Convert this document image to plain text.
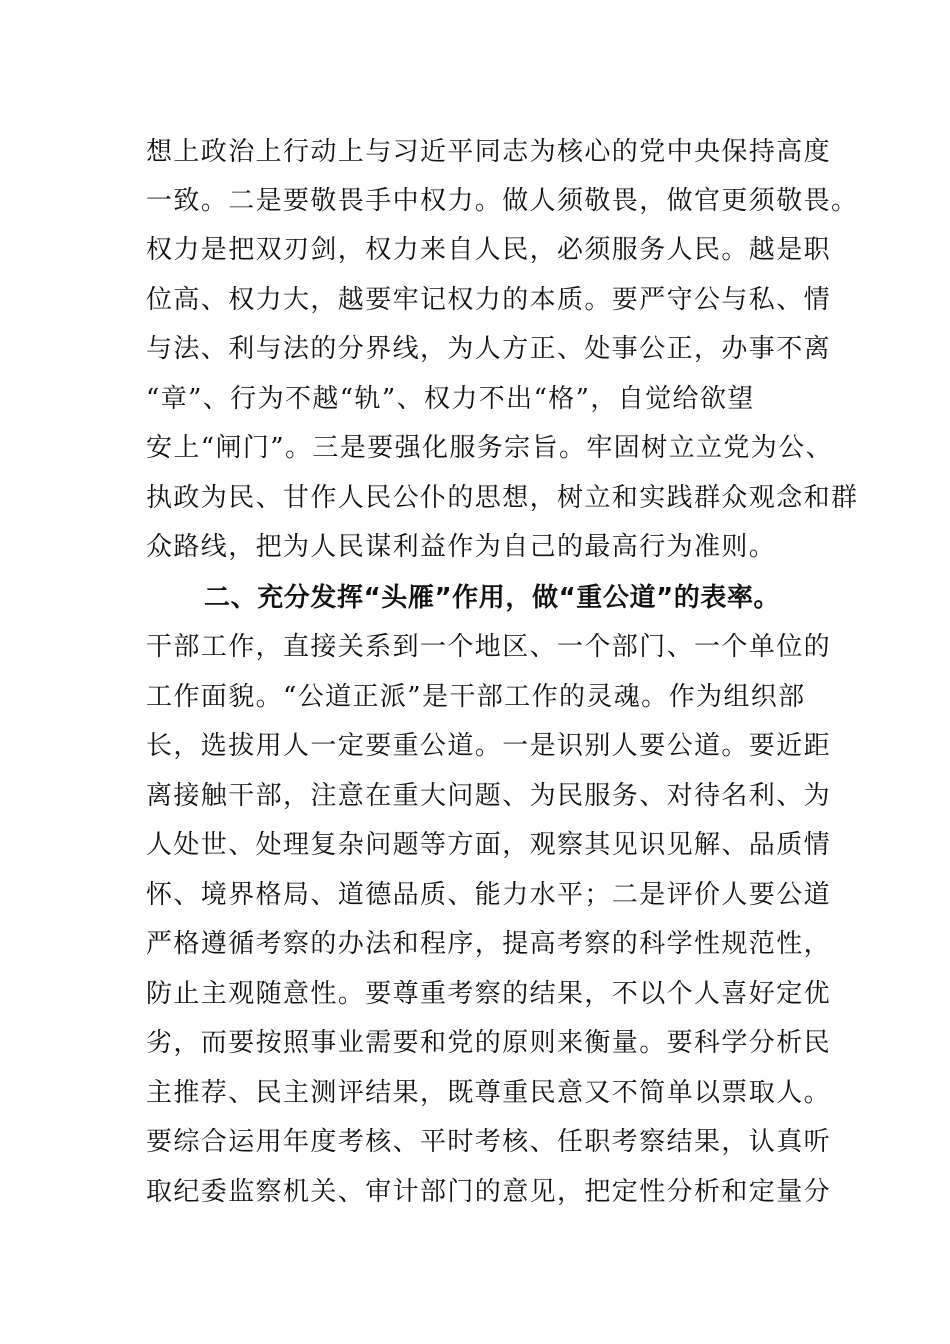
想上政治上行动上与习近平同志为核心的党中央保持高度
一致。二是要敬畏手中权力。做人须敬畏，做官更须敬畏。
权力是把双刃剑，权力来自人民，必须服务人民。越是职
位高、权力大，越要牢记权力的本质。要严守公与私、情
与法、利与法的分界线，为人方正、处事公正，办事不离
“章”、行为不越“轨”、权力不出“格”，自觉给欲望
安上“闸门”。三是要强化服务宗旨。牢固树立立党为公、
执政为民、甘作人民公仆的思想，树立和实践群众观念和群
众路线，把为人民谋利益作为自己的最高行为准则。
二、充分发挥“头雁”作用，做“重公道”的表率。
干部工作，直接关系到一个地区、一个部门、一个单位的
工作面貌。“公道正派”是干部工作的灵魂。作为组织部
长，选拔用人一定要重公道。一是识别人要公道。要近距
离接触干部，注意在重大问题、为民服务、对待名利、为
人处世、处理复杂问题等方面，观察其见识见解、品质情
怀、境界格局、道德品质、能力水平；二是评价人要公道
严格遵循考察的办法和程序，提高考察的科学性规范性，
防止主观随意性。要尊重考察的结果，不以个人喜好定优
劣，而要按照事业需要和党的原则来衡量。要科学分析民
主推荐、民主测评结果，既尊重民意又不简单以票取人。
要综合运用年度考核、平时考核、任职考察结果，认真听
取纪委监察机关、审计部门的意见，把定性分析和定量分
